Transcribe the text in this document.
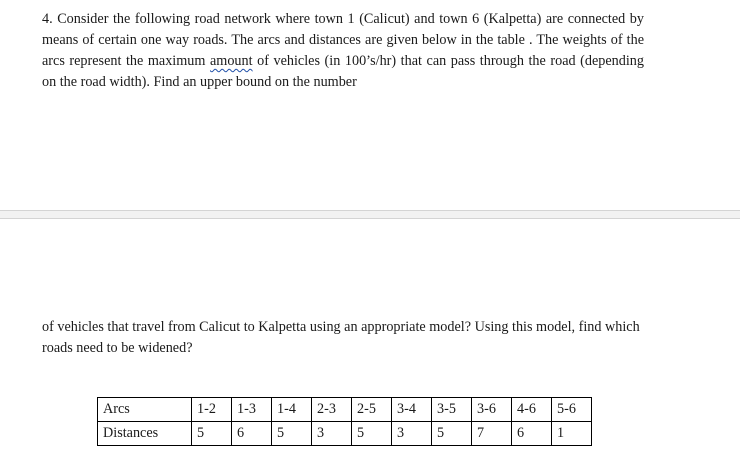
4. Consider the following road network where town 1 (Calicut) and town 6 (Kalpetta) are connected by means of certain one way roads. The arcs and distances are given below in the table . The weights of the arcs represent the maximum amount of vehicles (in 100’s/hr) that can pass through the road (depending on the road width). Find an upper bound on the number

of vehicles that travel from Calicut to Kalpetta using an appropriate model? Using this model, find which roads need to be widened?

Arcs	1-2	1-3	1-4	2-3	2-5	3-4	3-5	3-6	4-6	5-6
Distances	5	6	5	3	5	3	5	7	6	1
